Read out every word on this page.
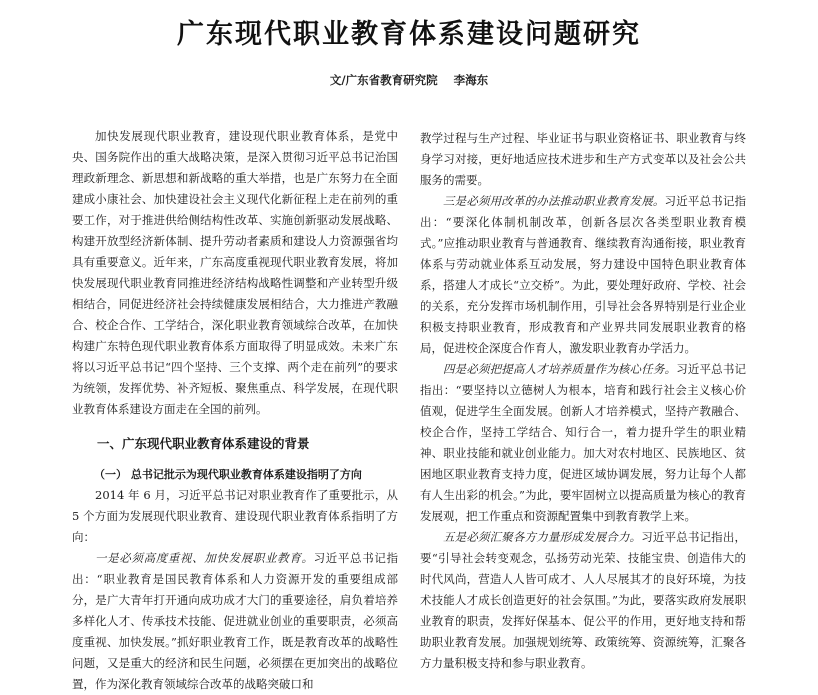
广东现代职业教育体系建设问题研究
文/广东省教育研究院 李海东

加快发展现代职业教育，建设现代职业教育体系，是党中央、国务院作出的重大战略决策，是深入贯彻习近平总书记治国理政新理念、新思想和新战略的重大举措，也是广东努力在全面建成小康社会、加快建设社会主义现代化新征程上走在前列的重要工作，对于推进供给侧结构性改革、实施创新驱动发展战略、构建开放型经济新体制、提升劳动者素质和建设人力资源强省均具有重要意义。近年来，广东高度重视现代职业教育发展，将加快发展现代职业教育同推进经济结构战略性调整和产业转型升级相结合，同促进经济社会持续健康发展相结合，大力推进产教融合、校企合作、工学结合，深化职业教育领域综合改革，在加快构建广东特色现代职业教育体系方面取得了明显成效。未来广东将以习近平总书记“四个坚持、三个支撑、两个走在前列”的要求为统领，发挥优势、补齐短板、聚焦重点、科学发展，在现代职业教育体系建设方面走在全国的前列。

一、广东现代职业教育体系建设的背景
（一） 总书记批示为现代职业教育体系建设指明了方向

2014 年 6 月，习近平总书记对职业教育作了重要批示，从 5 个方面为发展现代职业教育、建设现代职业教育体系指明了方向：

一是必须高度重视、加快发展职业教育。习近平总书记指出：“职业教育是国民教育体系和人力资源开发的重要组成部分，是广大青年打开通向成功成才大门的重要途径，肩负着培养多样化人才、传承技术技能、促进就业创业的重要职责，必须高度重视、加快发展。”抓好职业教育工作，既是教育改革的战略性问题，又是重大的经济和民生问题，必须摆在更加突出的战略位置，作为深化教育领域综合改革的战略突破口和

教学过程与生产过程、毕业证书与职业资格证书、职业教育与终身学习对接，更好地适应技术进步和生产方式变革以及社会公共服务的需要。

三是必须用改革的办法推动职业教育发展。习近平总书记指出：“要深化体制机制改革，创新各层次各类型职业教育模式。”应推动职业教育与普通教育、继续教育沟通衔接，职业教育体系与劳动就业体系互动发展，努力建设中国特色职业教育体系，搭建人才成长“立交桥”。为此，要处理好政府、学校、社会的关系，充分发挥市场机制作用，引导社会各界特别是行业企业积极支持职业教育，形成教育和产业界共同发展职业教育的格局，促进校企深度合作育人，激发职业教育办学活力。

四是必须把提高人才培养质量作为核心任务。习近平总书记指出：“要坚持以立德树人为根本，培育和践行社会主义核心价值观，促进学生全面发展。创新人才培养模式，坚持产教融合、校企合作，坚持工学结合、知行合一，着力提升学生的职业精神、职业技能和就业创业能力。加大对农村地区、民族地区、贫困地区职业教育支持力度，促进区域协调发展，努力让每个人都有人生出彩的机会。”为此，要牢固树立以提高质量为核心的教育发展观，把工作重点和资源配置集中到教育教学上来。

五是必须汇聚各方力量形成发展合力。习近平总书记指出，要“引导社会转变观念，弘扬劳动光荣、技能宝贵、创造伟大的时代风尚，营造人人皆可成才、人人尽展其才的良好环境，为技术技能人才成长创造更好的社会氛围。”为此，要落实政府发展职业教育的职责，发挥好保基本、促公平的作用，更好地支持和帮助职业教育发展。加强规划统筹、政策统筹、资源统筹，汇聚各方力量积极支持和参与职业教育。
